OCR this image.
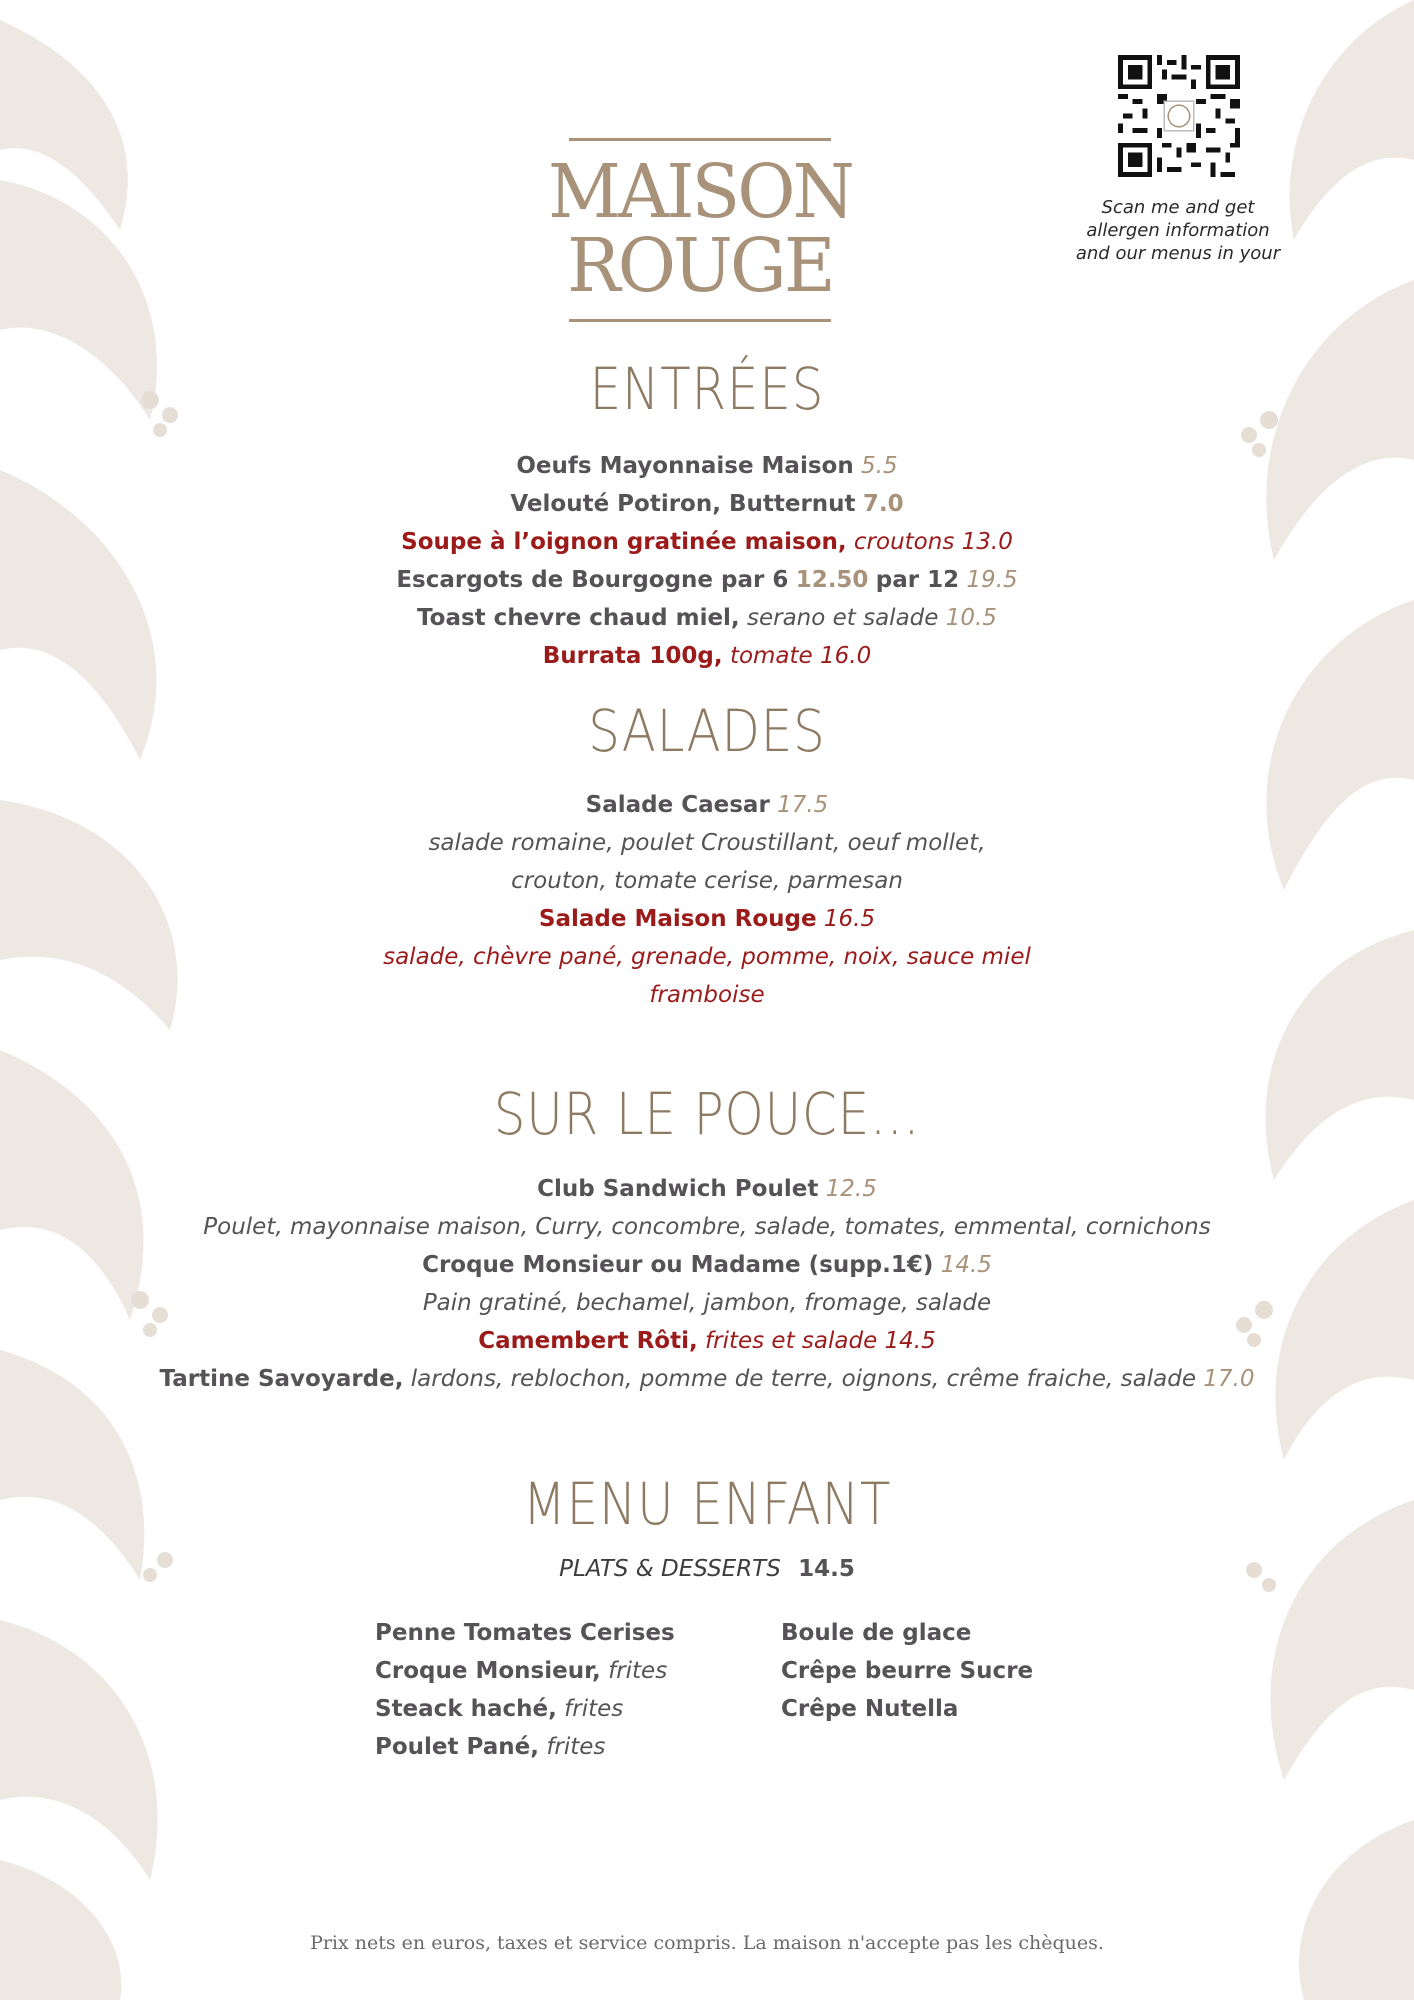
MAISON ROUGE
Scan me and get
allergen information
and our menus in your
ENTRÉES
Oeufs Mayonnaise Maison 5.5
Velouté Potiron, Butternut 7.0
Soupe à l’oignon gratinée maison, croutons 13.0
Escargots de Bourgogne par 6 12.50 par 12 19.5
Toast chevre chaud miel, serano et salade 10.5
Burrata 100g, tomate 16.0
SALADES
Salade Caesar 17.5
salade romaine, poulet Croustillant, oeuf mollet,
crouton, tomate cerise, parmesan
Salade Maison Rouge 16.5
salade, chèvre pané, grenade, pomme, noix, sauce miel
framboise
SUR LE POUCE...
Club Sandwich Poulet 12.5
Poulet, mayonnaise maison, Curry, concombre, salade, tomates, emmental, cornichons
Croque Monsieur ou Madame (supp.1€) 14.5
Pain gratiné, bechamel, jambon, fromage, salade
Camembert Rôti, frites et salade 14.5
Tartine Savoyarde, lardons, reblochon, pomme de terre, oignons, crême fraiche, salade 17.0
MENU ENFANT
PLATS & DESSERTS 14.5
Penne Tomates Cerises
Croque Monsieur, frites
Steack haché, frites
Poulet Pané, frites
Boule de glace
Crêpe beurre Sucre
Crêpe Nutella
Prix nets en euros, taxes et service compris. La maison n'accepte pas les chèques.
